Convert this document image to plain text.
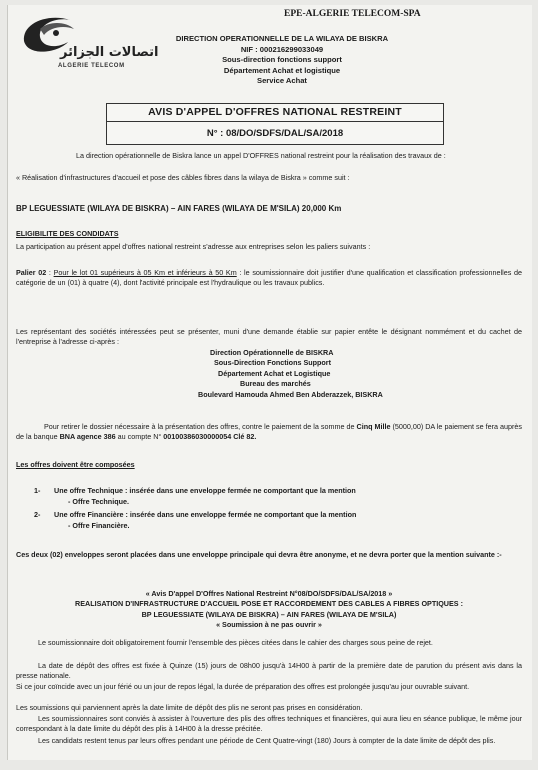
اتصالات الجزائر
ALGERIE TELECOM
EPE-ALGERIE TELECOM-SPA
DIRECTION OPERATIONNELLE DE LA WILAYA DE BISKRA
NIF : 000216299033049
Sous-direction fonctions support
Département Achat et logistique
Service Achat
AVIS D'APPEL D'OFFRES NATIONAL RESTREINT
N° : 08/DO/SDFS/DAL/SA/2018
La direction opérationnelle de Biskra lance un appel D'OFFRES national restreint pour la réalisation des travaux de :
« Réalisation d'infrastructures d'accueil et pose des câbles fibres dans la wilaya de Biskra » comme suit :
BP LEGUESSIATE (WILAYA DE BISKRA) – AIN FARES (WILAYA DE M'SILA) 20,000 Km
ELIGIBILITE DES CONDIDATS
La participation au présent appel d'offres national restreint s'adresse aux entreprises selon les paliers suivants :
Palier 02 : Pour le lot 01 supérieurs à 05 Km et inférieurs à 50 Km : le soumissionnaire doit justifier d'une qualification et classification professionnelles de catégorie de un (01) à quatre (4), dont l'activité principale est l'hydraulique ou les travaux publics.
Les représentant des sociétés intéressées peut se présenter, muni d'une demande établie sur papier entête le désignant nommément et du cachet de l'entreprise à l'adresse ci-après :
Direction Opérationnelle de BISKRA
Sous-Direction Fonctions Support
Département Achat et Logistique
Bureau des marchés
Boulevard Hamouda Ahmed Ben Abderazzek, BISKRA
Pour retirer le dossier nécessaire à la présentation des offres, contre le paiement de la somme de Cinq Mille (5000,00) DA le paiement se fera auprès de la banque BNA agence 386 au compte N° 00100386030000054 Clé 82.
Les offres doivent être composées
1- Une offre Technique : insérée dans une enveloppe fermée ne comportant que la mention
- Offre Technique.
2- Une offre Financière : insérée dans une enveloppe fermée ne comportant que la mention
- Offre Financière.
Ces deux (02) enveloppes seront placées dans une enveloppe principale qui devra être anonyme, et ne devra porter que la mention suivante :-
« Avis D'appel D'Offres National Restreint N°08/DO/SDFS/DAL/SA/2018 »
REALISATION D'INFRASTRUCTURE D'ACCUEIL POSE ET RACCORDEMENT DES CABLES A FIBRES OPTIQUES :
BP LEGUESSIATE (WILAYA DE BISKRA) – AIN FARES (WILAYA DE M'SILA)
« Soumission à ne pas ouvrir »
Le soumissionnaire doit obligatoirement fournir l'ensemble des pièces citées dans le cahier des charges sous peine de rejet.
La date de dépôt des offres est fixée à Quinze (15) jours de 08h00 jusqu'à 14H00 à partir de la première date de parution du présent avis dans la presse nationale.
Si ce jour coïncide avec un jour férié ou un jour de repos légal, la durée de préparation des offres est prolongée jusqu'au jour ouvrable suivant.
Les soumissions qui parviennent après la date limite de dépôt des plis ne seront pas prises en considération.
Les soumissionnaires sont conviés à assister à l'ouverture des plis des offres techniques et financières, qui aura lieu en séance publique, le même jour correspondant à la date limite du dépôt des plis à 14H00 à la dresse précitée.
Les candidats restent tenus par leurs offres pendant une période de Cent Quatre-vingt (180) Jours à compter de la date limite de dépôt des plis.
